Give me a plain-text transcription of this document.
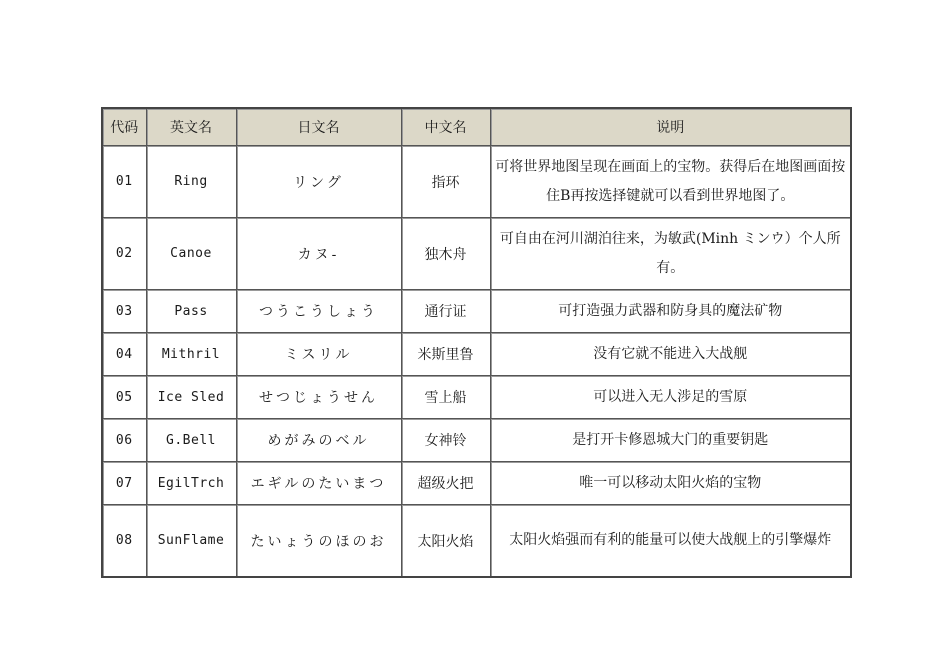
代码	英文名	日文名	中文名	说明
01	Ring	リング	指环	可将世界地图呈现在画面上的宝物。获得后在地图画面按住B再按选择键就可以看到世界地图了。
02	Canoe	カヌ-	独木舟	可自由在河川湖泊往来，为敏武(Minh ミンウ）个人所有。
03	Pass	つうこうしょう	通行证	可打造强力武器和防身具的魔法矿物
04	Mithril	ミスリル	米斯里鲁	没有它就不能进入大战舰
05	Ice Sled	せつじょうせん	雪上船	可以进入无人涉足的雪原
06	G.Bell	めがみのベル	女神铃	是打开卡修恩城大门的重要钥匙
07	EgilTrch	エギルのたいまつ	超级火把	唯一可以移动太阳火焰的宝物
08	SunFlame	たいょうのほのお	太阳火焰	太阳火焰强而有利的能量可以使大战舰上的引擎爆炸
